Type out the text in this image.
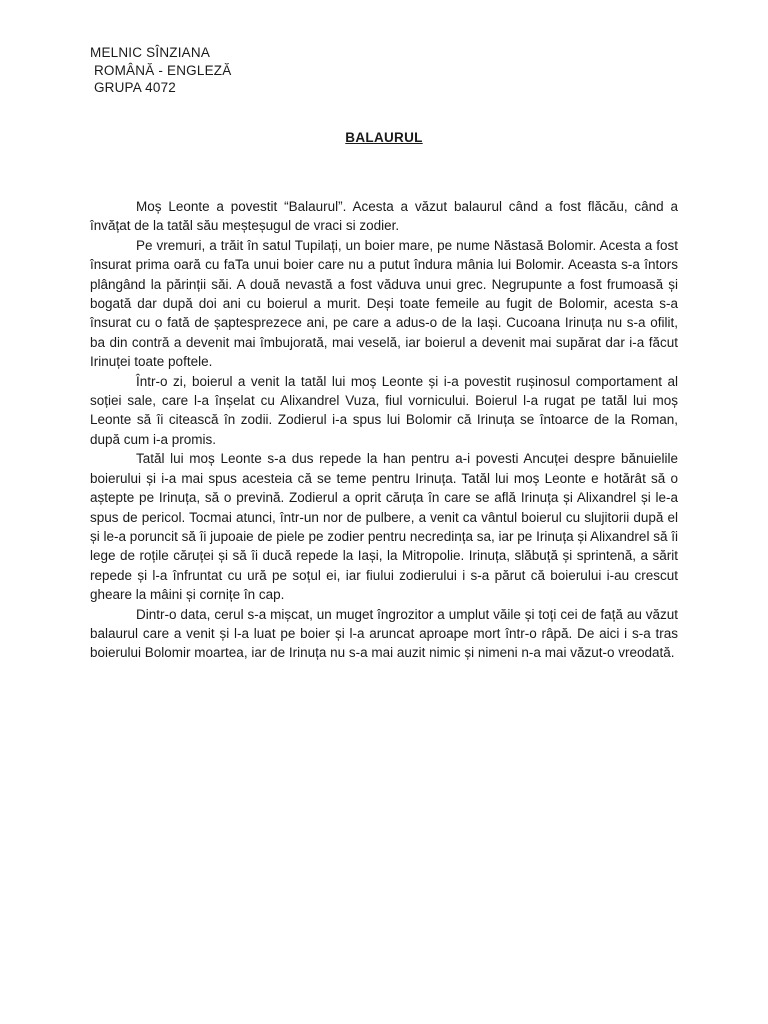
MELNIC SÎNZIANA
ROMÂNĂ - ENGLEZĂ
GRUPA 4072
BALAURUL

Moș Leonte a povestit “Balaurul”. Acesta a văzut balaurul când a fost flăcău, când a învățat de la tatăl său meșteșugul de vraci si zodier.

Pe vremuri, a trăit în satul Tupilați, un boier mare, pe nume Năstasă Bolomir. Acesta a fost însurat prima oară cu faTa unui boier care nu a putut îndura mânia lui Bolomir. Aceasta s-a întors plângând la părinții săi. A două nevastă a fost văduva unui grec. Negrupunte a fost frumoasă și bogată dar după doi ani cu boierul a murit. Deși toate femeile au fugit de Bolomir, acesta s-a însurat cu o fată de șaptesprezece ani, pe care a adus-o de la Iași. Cucoana Irinuța nu s-a ofilit, ba din contră a devenit mai îmbujorată, mai veselă, iar boierul a devenit mai supărat dar i-a făcut Irinuței toate poftele.

Într-o zi, boierul a venit la tatăl lui moș Leonte și i-a povestit rușinosul comportament al soției sale, care l-a înșelat cu Alixandrel Vuza, fiul vornicului. Boierul l-a rugat pe tatăl lui moș Leonte să îi citească în zodii. Zodierul i-a spus lui Bolomir că Irinuța se întoarce de la Roman, după cum i-a promis.

Tatăl lui moș Leonte s-a dus repede la han pentru a-i povesti Ancuței despre bănuielile boierului și i-a mai spus acesteia că se teme pentru Irinuța. Tatăl lui moș Leonte e hotărât să o aștepte pe Irinuța, să o prevină. Zodierul a oprit căruța în care se află Irinuța și Alixandrel și le-a spus de pericol. Tocmai atunci, într-un nor de pulbere, a venit ca vântul boierul cu slujitorii după el și le-a poruncit să îi jupoaie de piele pe zodier pentru necredința sa, iar pe Irinuța și Alixandrel să îi lege de roțile căruței și să îi ducă repede la Iași, la Mitropolie. Irinuța, slăbuță și sprintenă, a sărit repede și l-a înfruntat cu ură pe soțul ei, iar fiului zodierului i s-a părut că boierului i-au crescut gheare la mâini și cornițe în cap.

Dintr-o data, cerul s-a mișcat, un muget îngrozitor a umplut văile și toți cei de față au văzut balaurul care a venit și l-a luat pe boier și l-a aruncat aproape mort într-o râpă. De aici i s-a tras boierului Bolomir moartea, iar de Irinuța nu s-a mai auzit nimic și nimeni n-a mai văzut-o vreodată.
